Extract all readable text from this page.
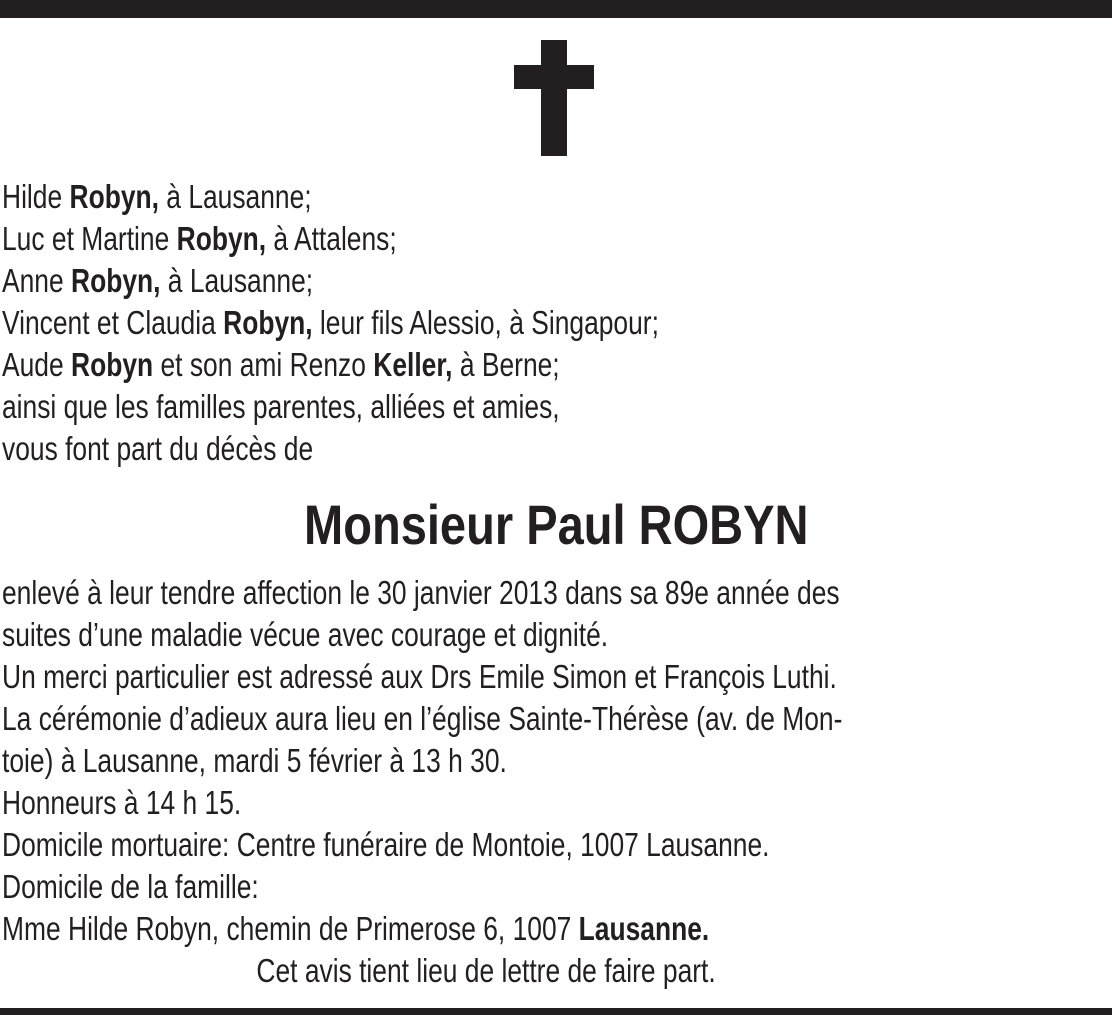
Hilde Robyn, à Lausanne;
Luc et Martine Robyn, à Attalens;
Anne Robyn, à Lausanne;
Vincent et Claudia Robyn, leur fils Alessio, à Singapour;
Aude Robyn et son ami Renzo Keller, à Berne;
ainsi que les familles parentes, alliées et amies,
vous font part du décès de
Monsieur Paul ROBYN
enlevé à leur tendre affection le 30 janvier 2013 dans sa 89e année des
suites d’une maladie vécue avec courage et dignité.
Un merci particulier est adressé aux Drs Emile Simon et François Luthi.
La cérémonie d’adieux aura lieu en l’église Sainte-Thérèse (av. de Mon-
toie) à Lausanne, mardi 5 février à 13 h 30.
Honneurs à 14 h 15.
Domicile mortuaire: Centre funéraire de Montoie, 1007 Lausanne.
Domicile de la famille:
Mme Hilde Robyn, chemin de Primerose 6, 1007 Lausanne.
Cet avis tient lieu de lettre de faire part.
